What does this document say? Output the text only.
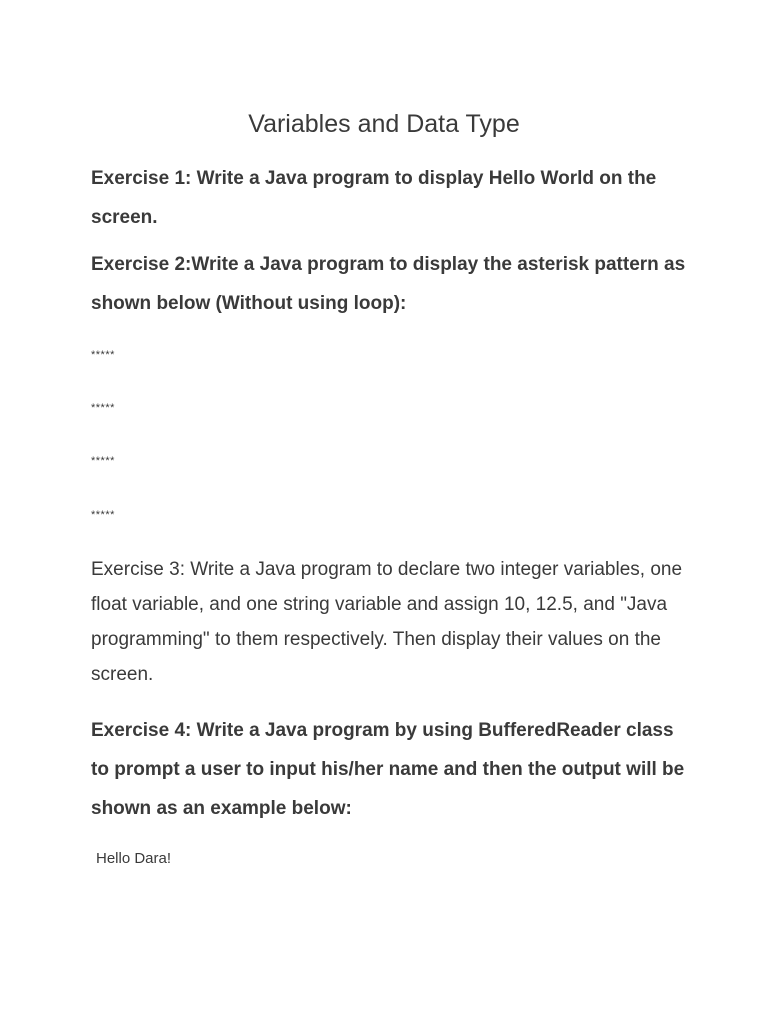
Variables and Data Type

Exercise 1: Write a Java program to display Hello World on the screen.

Exercise 2:Write a Java program to display the asterisk pattern as shown below (Without using loop):

*****

*****

*****

*****

Exercise 3: Write a Java program to declare two integer variables, one float variable, and one string variable and assign 10, 12.5, and "Java programming" to them respectively. Then display their values on the screen.

Exercise 4: Write a Java program by using BufferedReader class to prompt a user to input his/her name and then the output will be shown as an example below:

Hello Dara!
